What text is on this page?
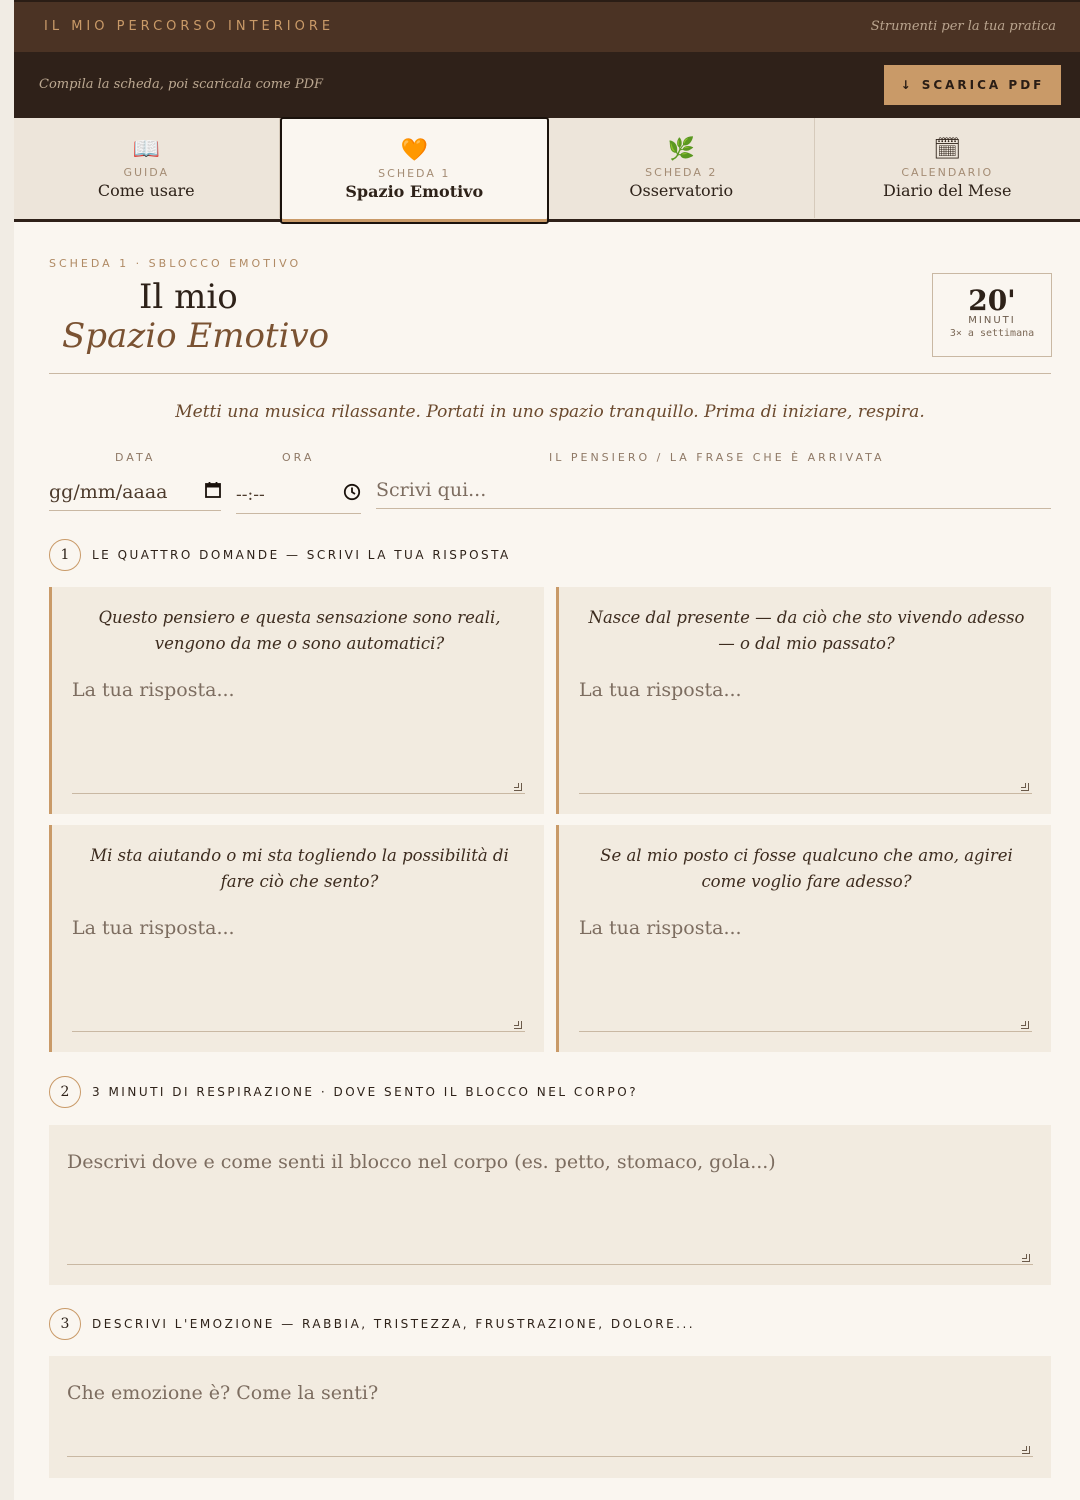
IL MIO PERCORSO INTERIORE	Strumenti per la tua pratica
Compila la scheda, poi scaricala come PDF	↓ SCARICA PDF
📖
GUIDA
Come usare
🧡
SCHEDA 1
Spazio Emotivo
🌿
SCHEDA 2
Osservatorio
🗓
CALENDARIO
Diario del Mese
SCHEDA 1 · SBLOCCO EMOTIVO
Il mio
Spazio Emotivo
20'
MINUTI
3× a settimana
Metti una musica rilassante. Portati in uno spazio tranquillo. Prima di iniziare, respira.
DATA
gg/mm/aaaa
ORA
--:--
IL PENSIERO / LA FRASE CHE È ARRIVATA
Scrivi qui...
1	LE QUATTRO DOMANDE — SCRIVI LA TUA RISPOSTA
Questo pensiero e questa sensazione sono reali, vengono da me o sono automatici?
La tua risposta...
Nasce dal presente — da ciò che sto vivendo adesso — o dal mio passato?
La tua risposta...
Mi sta aiutando o mi sta togliendo la possibilità di fare ciò che sento?
La tua risposta...
Se al mio posto ci fosse qualcuno che amo, agirei come voglio fare adesso?
La tua risposta...
2	3 MINUTI DI RESPIRAZIONE · DOVE SENTO IL BLOCCO NEL CORPO?
Descrivi dove e come senti il blocco nel corpo (es. petto, stomaco, gola...)
3	DESCRIVI L'EMOZIONE — RABBIA, TRISTEZZA, FRUSTRAZIONE, DOLORE...
Che emozione è? Come la senti?
